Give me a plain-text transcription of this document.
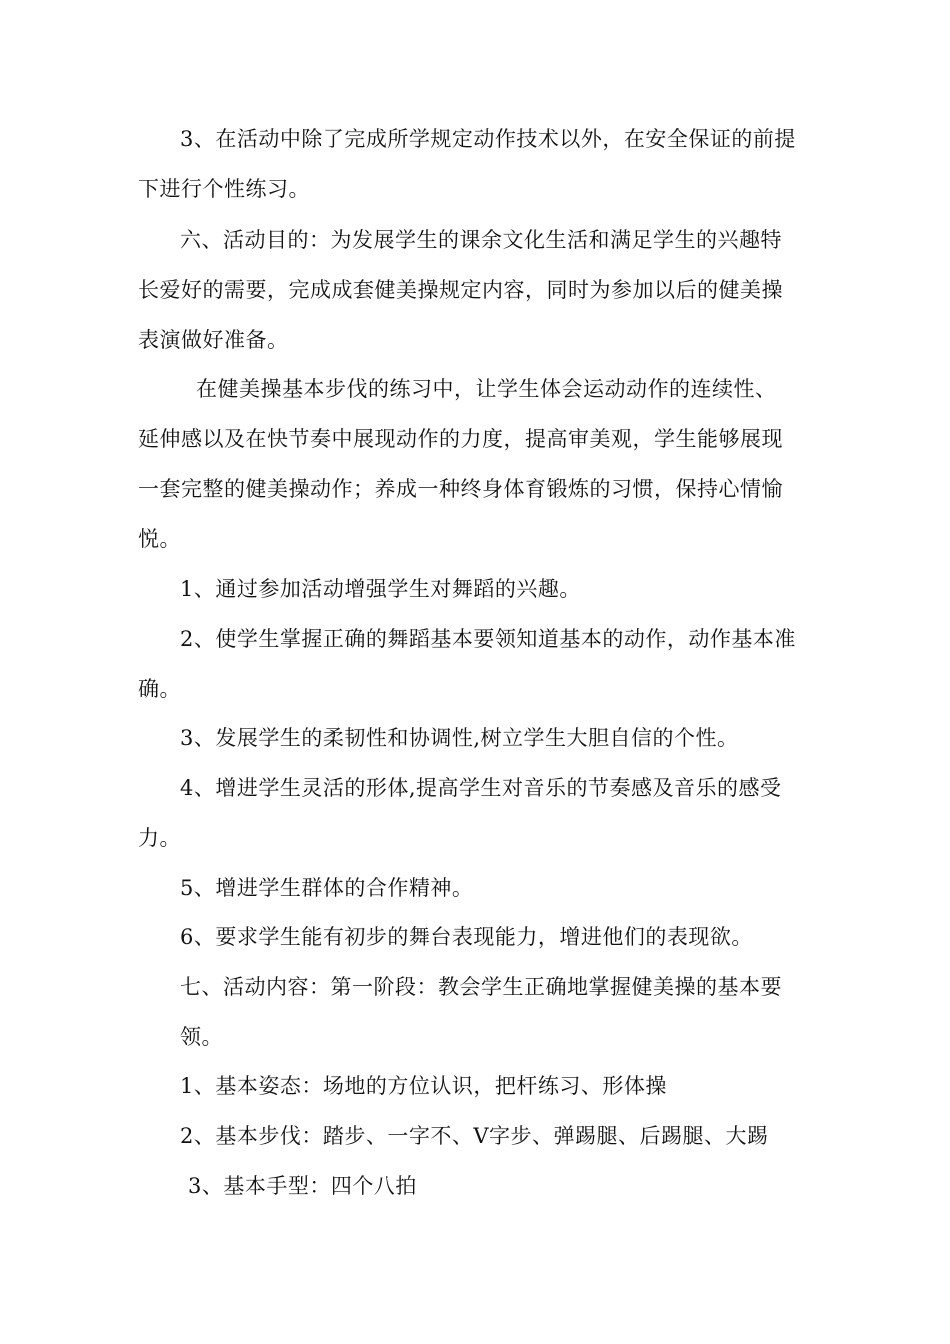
3、在活动中除了完成所学规定动作技术以外，在安全保证的前提
下进行个性练习。
六、活动目的：为发展学生的课余文化生活和满足学生的兴趣特
长爱好的需要，完成成套健美操规定内容，同时为参加以后的健美操
表演做好准备。
在健美操基本步伐的练习中，让学生体会运动动作的连续性、
延伸感以及在快节奏中展现动作的力度，提高审美观，学生能够展现
一套完整的健美操动作；养成一种终身体育锻炼的习惯，保持心情愉
悦。
1、通过参加活动增强学生对舞蹈的兴趣。
2、使学生掌握正确的舞蹈基本要领知道基本的动作，动作基本准
确。
3、发展学生的柔韧性和协调性,树立学生大胆自信的个性。
4、增进学生灵活的形体,提高学生对音乐的节奏感及音乐的感受
力。
5、增进学生群体的合作精神。
6、要求学生能有初步的舞台表现能力，增进他们的表现欲。
七、活动内容：第一阶段：教会学生正确地掌握健美操的基本要
领。
1、基本姿态：场地的方位认识，把杆练习、形体操
2、基本步伐：踏步、一字不、V字步、弹踢腿、后踢腿、大踢
3、基本手型：四个八拍
